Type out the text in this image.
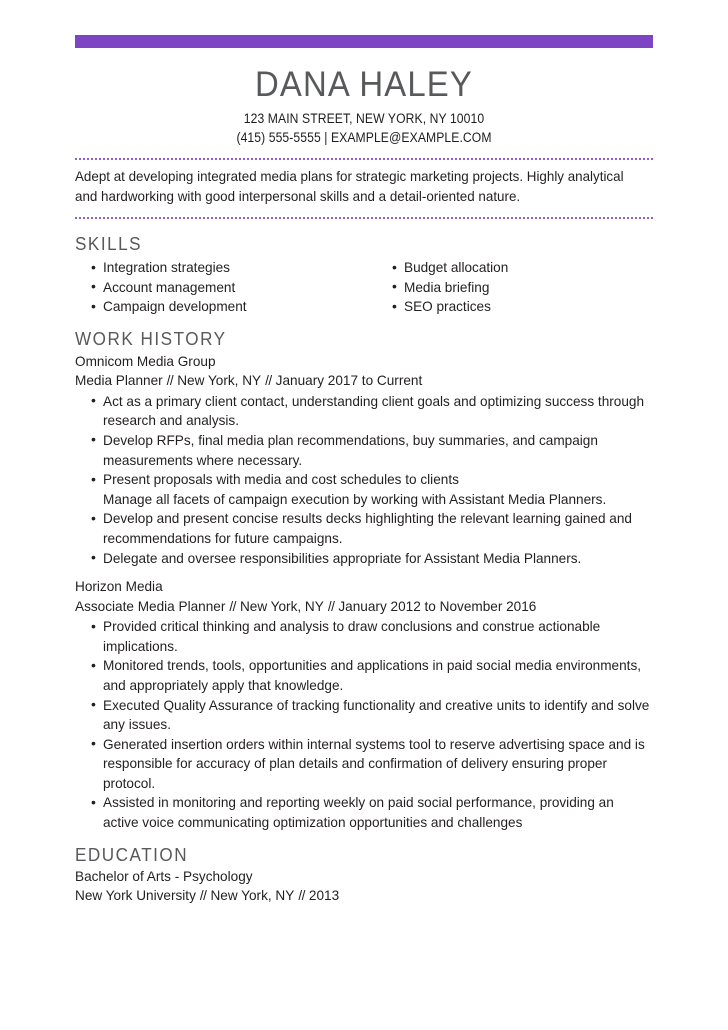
DANA HALEY
123 MAIN STREET, NEW YORK, NY 10010
(415) 555-5555 | EXAMPLE@EXAMPLE.COM
Adept at developing integrated media plans for strategic marketing projects. Highly analytical and hardworking with good interpersonal skills and a detail-oriented nature.
SKILLS
• Integration strategies
• Account management
• Campaign development
• Budget allocation
• Media briefing
• SEO practices
WORK HISTORY
Omnicom Media Group
Media Planner // New York, NY // January 2017 to Current
• Act as a primary client contact, understanding client goals and optimizing success through research and analysis.
• Develop RFPs, final media plan recommendations, buy summaries, and campaign measurements where necessary.
• Present proposals with media and cost schedules to clients
Manage all facets of campaign execution by working with Assistant Media Planners.
• Develop and present concise results decks highlighting the relevant learning gained and recommendations for future campaigns.
• Delegate and oversee responsibilities appropriate for Assistant Media Planners.
Horizon Media
Associate Media Planner // New York, NY // January 2012 to November 2016
• Provided critical thinking and analysis to draw conclusions and construe actionable implications.
• Monitored trends, tools, opportunities and applications in paid social media environments, and appropriately apply that knowledge.
• Executed Quality Assurance of tracking functionality and creative units to identify and solve any issues.
• Generated insertion orders within internal systems tool to reserve advertising space and is responsible for accuracy of plan details and confirmation of delivery ensuring proper protocol.
• Assisted in monitoring and reporting weekly on paid social performance, providing an active voice communicating optimization opportunities and challenges
EDUCATION
Bachelor of Arts - Psychology
New York University // New York, NY // 2013
